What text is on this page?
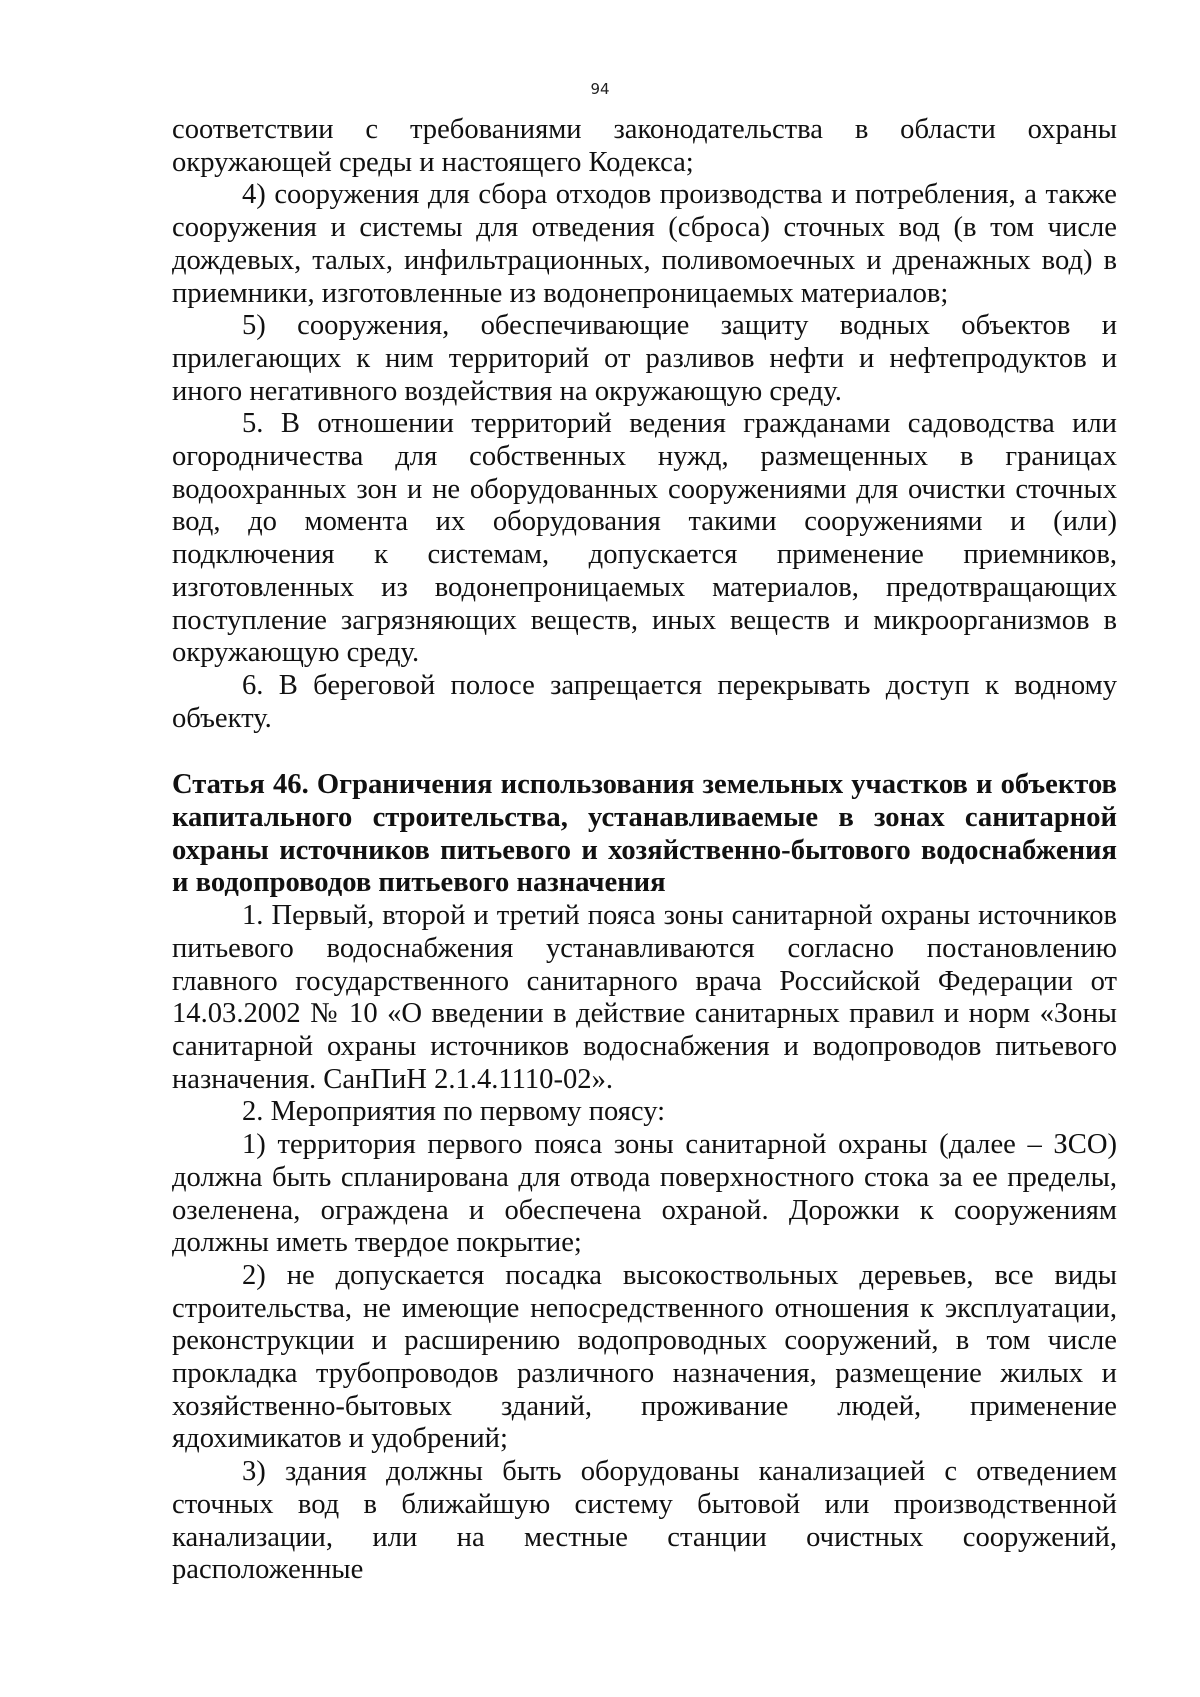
94

соответствии с требованиями законодательства в области охраны окружающей среды и настоящего Кодекса;

4) сооружения для сбора отходов производства и потребления, а также сооружения и системы для отведения (сброса) сточных вод (в том числе дождевых, талых, инфильтрационных, поливомоечных и дренажных вод) в приемники, изготовленные из водонепроницаемых материалов;

5) сооружения, обеспечивающие защиту водных объектов и прилегающих к ним территорий от разливов нефти и нефтепродуктов и иного негативного воздействия на окружающую среду.

5. В отношении территорий ведения гражданами садоводства или огородничества для собственных нужд, размещенных в границах водоохранных зон и не оборудованных сооружениями для очистки сточных вод, до момента их оборудования такими сооружениями и (или) подключения к системам, допускается применение приемников, изготовленных из водонепроницаемых материалов, предотвращающих поступление загрязняющих веществ, иных веществ и микроорганизмов в окружающую среду.

6. В береговой полосе запрещается перекрывать доступ к водному объекту.

Статья 46. Ограничения использования земельных участков и объектов капитального строительства, устанавливаемые в зонах санитарной охраны источников питьевого и хозяйственно-бытового водоснабжения и водопроводов питьевого назначения

1. Первый, второй и третий пояса зоны санитарной охраны источников питьевого водоснабжения устанавливаются согласно постановлению главного государственного санитарного врача Российской Федерации от 14.03.2002 № 10 «О введении в действие санитарных правил и норм «Зоны санитарной охраны источников водоснабжения и водопроводов питьевого назначения. СанПиН 2.1.4.1110-02».

2. Мероприятия по первому поясу:

1) территория первого пояса зоны санитарной охраны (далее – ЗСО) должна быть спланирована для отвода поверхностного стока за ее пределы, озеленена, ограждена и обеспечена охраной. Дорожки к сооружениям должны иметь твердое покрытие;

2) не допускается посадка высокоствольных деревьев, все виды строительства, не имеющие непосредственного отношения к эксплуатации, реконструкции и расширению водопроводных сооружений, в том числе прокладка трубопроводов различного назначения, размещение жилых и хозяйственно-бытовых зданий, проживание людей, применение ядохимикатов и удобрений;

3) здания должны быть оборудованы канализацией с отведением сточных вод в ближайшую систему бытовой или производственной канализации, или на местные станции очистных сооружений, расположенные
